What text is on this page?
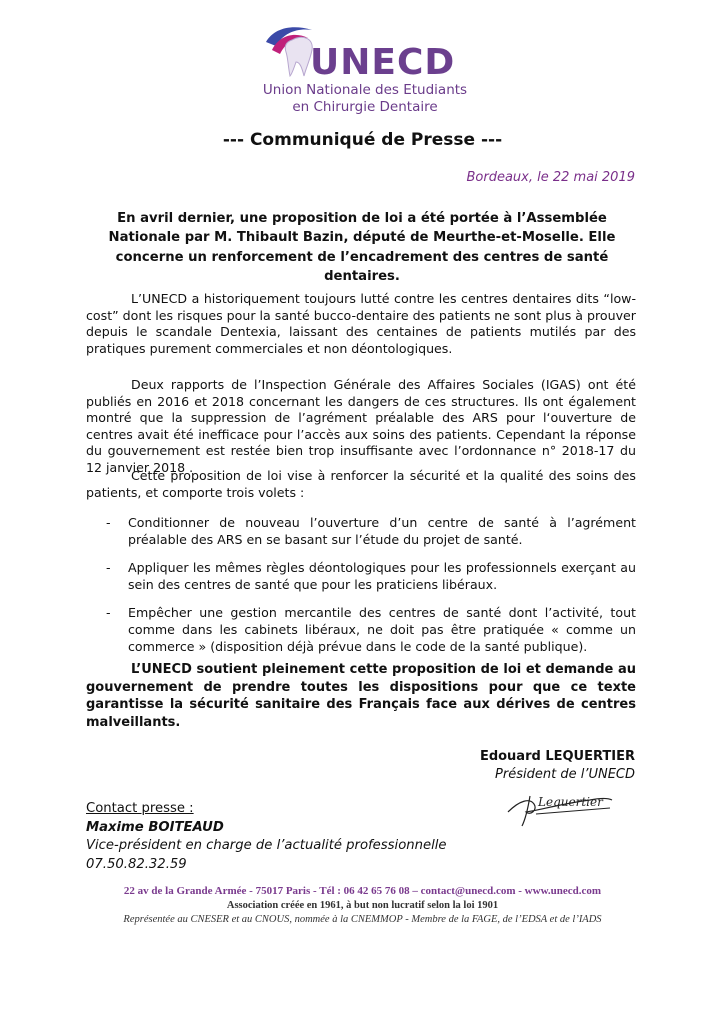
UNECD
Union Nationale des Etudiants
en Chirurgie Dentaire
--- Communiqué de Presse ---
Bordeaux, le 22 mai 2019
En avril dernier, une proposition de loi a été portée à l’Assemblée Nationale par M. Thibault Bazin, député de Meurthe-et-Moselle. Elle concerne un renforcement de l’encadrement des centres de santé dentaires.
L’UNECD a historiquement toujours lutté contre les centres dentaires dits “low-cost” dont les risques pour la santé bucco-dentaire des patients ne sont plus à prouver depuis le scandale Dentexia, laissant des centaines de patients mutilés par des pratiques purement commerciales et non déontologiques.
Deux rapports de l’Inspection Générale des Affaires Sociales (IGAS) ont été publiés en 2016 et 2018 concernant les dangers de ces structures. Ils ont également montré que la suppression de l’agrément préalable des ARS pour l‘ouverture de centres avait été inefficace pour l’accès aux soins des patients. Cependant la réponse du gouvernement est restée bien trop insuffisante avec l’ordonnance n° 2018-17 du 12 janvier 2018 .
Cette proposition de loi vise à renforcer la sécurité et la qualité des soins des patients, et comporte trois volets :
- Conditionner de nouveau l’ouverture d’un centre de santé à l’agrément préalable des ARS en se basant sur l’étude du projet de santé.
- Appliquer les mêmes règles déontologiques pour les professionnels exerçant au sein des centres de santé que pour les praticiens libéraux.
- Empêcher une gestion mercantile des centres de santé dont l’activité, tout comme dans les cabinets libéraux, ne doit pas être pratiquée « comme un commerce » (disposition déjà prévue dans le code de la santé publique).
L’UNECD soutient pleinement cette proposition de loi et demande au gouvernement de prendre toutes les dispositions pour que ce texte garantisse la sécurité sanitaire des Français face aux dérives de centres malveillants.
Edouard LEQUERTIER
Président de l’UNECD
Lequertier
Contact presse :
Maxime BOITEAUD
Vice-président en charge de l’actualité professionnelle
07.50.82.32.59
22 av de la Grande Armée - 75017 Paris - Tél : 06 42 65 76 08 – contact@unecd.com - www.unecd.com
Association créée en 1961, à but non lucratif selon la loi 1901
Représentée au CNESER et au CNOUS, nommée à la CNEMMOP - Membre de la FAGE, de l’EDSA et de l’IADS
